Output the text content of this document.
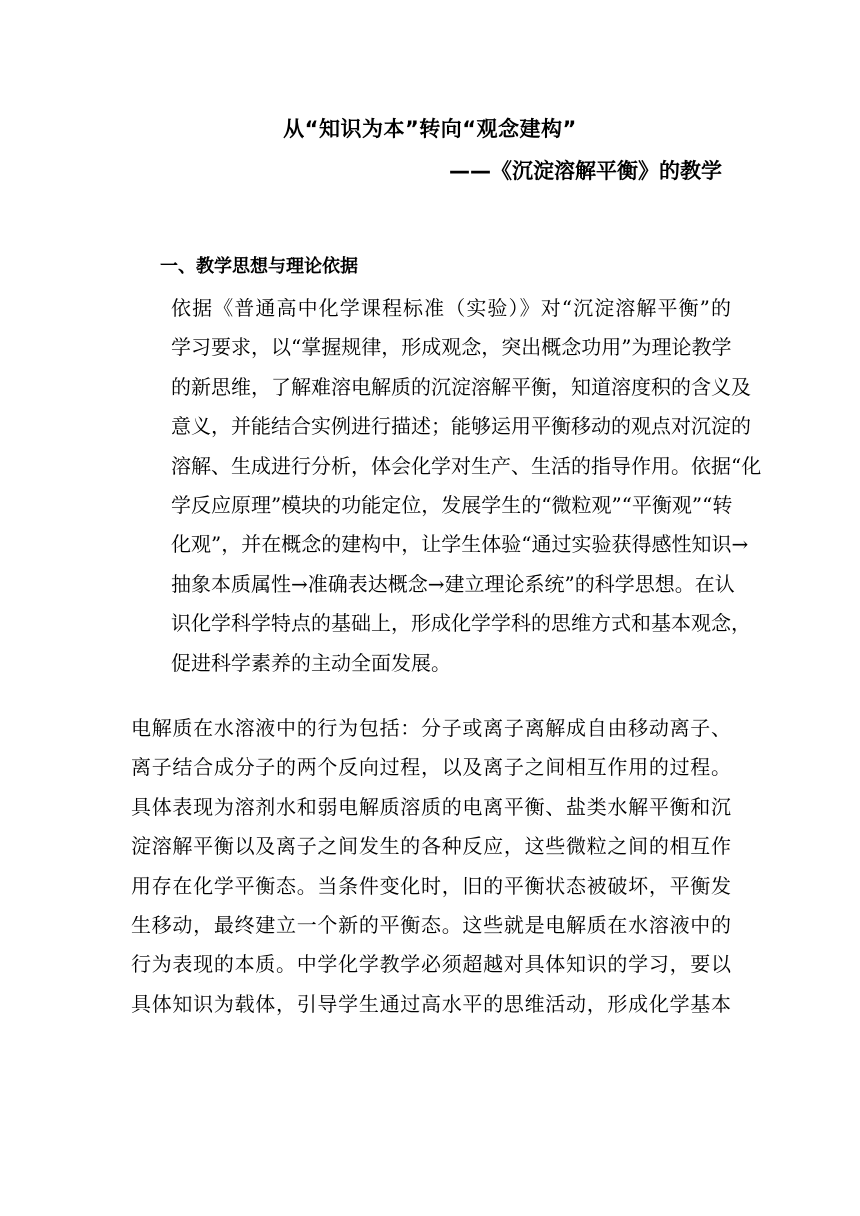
从“知识为本”转向“观念建构”
——《沉淀溶解平衡》的教学
一、教学思想与理论依据
依据《普通高中化学课程标准（实验）》对“沉淀溶解平衡”的
学习要求，以“掌握规律，形成观念，突出概念功用”为理论教学
的新思维，了解难溶电解质的沉淀溶解平衡，知道溶度积的含义及
意义，并能结合实例进行描述；能够运用平衡移动的观点对沉淀的
溶解、生成进行分析，体会化学对生产、生活的指导作用。依据“化
学反应原理”模块的功能定位，发展学生的“微粒观”“平衡观”“转
化观”，并在概念的建构中，让学生体验“通过实验获得感性知识→
抽象本质属性→准确表达概念→建立理论系统”的科学思想。在认
识化学科学特点的基础上，形成化学学科的思维方式和基本观念，
促进科学素养的主动全面发展。
电解质在水溶液中的行为包括：分子或离子离解成自由移动离子、
离子结合成分子的两个反向过程，以及离子之间相互作用的过程。
具体表现为溶剂水和弱电解质溶质的电离平衡、盐类水解平衡和沉
淀溶解平衡以及离子之间发生的各种反应，这些微粒之间的相互作
用存在化学平衡态。当条件变化时，旧的平衡状态被破坏，平衡发
生移动，最终建立一个新的平衡态。这些就是电解质在水溶液中的
行为表现的本质。中学化学教学必须超越对具体知识的学习，要以
具体知识为载体，引导学生通过高水平的思维活动，形成化学基本
